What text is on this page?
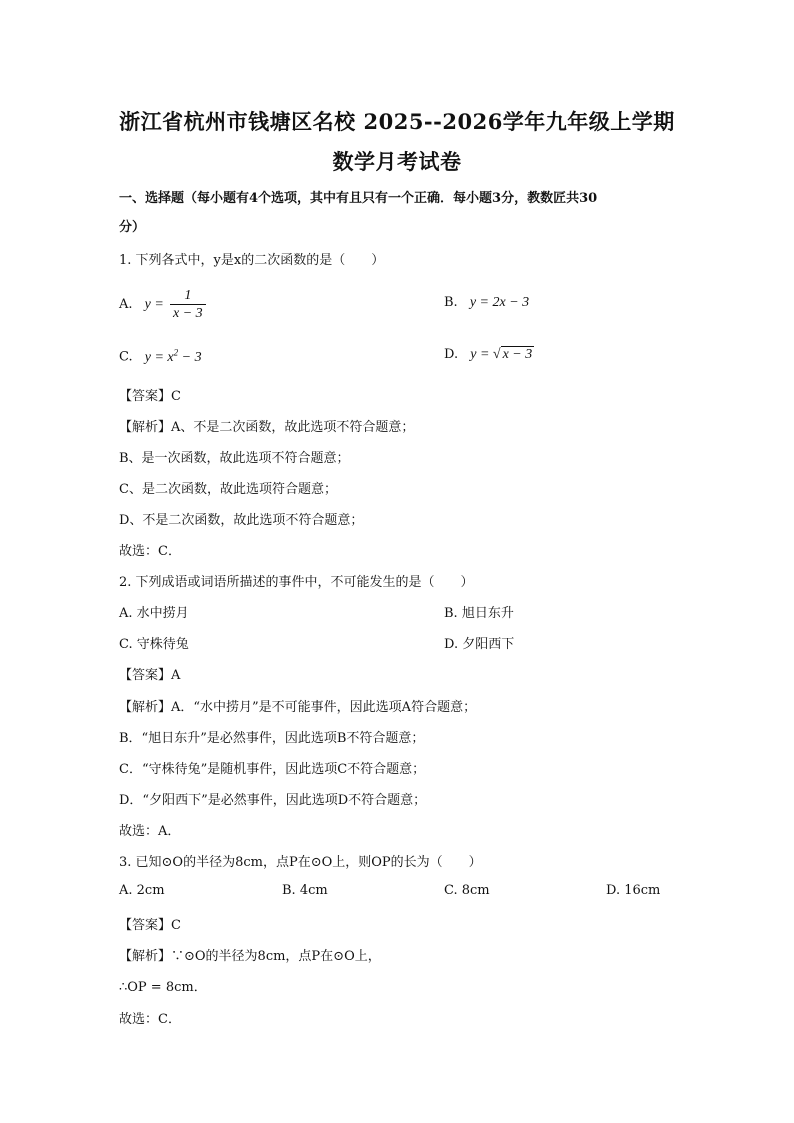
浙江省杭州市钱塘区名校 2025--2026学年九年级上学期
数学月考试卷
一、选择题（每小题有4个选项，其中有且只有一个正确．每小题3分，教数匠共30
分）
1. 下列各式中，y是x的二次函数的是（　　）
A. $y = \frac{1}{x - 3}$	B. y = 2x − 3
C. $y = x^2 - 3$	D. y = √ x − 3
【答案】C
【解析】A、不是二次函数，故此选项不符合题意；
B、是一次函数，故此选项不符合题意；
C、是二次函数，故此选项符合题意；
D、不是二次函数，故此选项不符合题意；
故选：C．
2. 下列成语或词语所描述的事件中，不可能发生的是（　　）
A. 水中捞月	B. 旭日东升
C. 守株待兔	D. 夕阳西下
【答案】A
【解析】A．“水中捞月”是不可能事件，因此选项A符合题意；
B．“旭日东升”是必然事件，因此选项B不符合题意；
C．“守株待兔”是随机事件，因此选项C不符合题意；
D．“夕阳西下”是必然事件，因此选项D不符合题意；
故选：A．
3. 已知⊙O的半径为8cm，点P在⊙O上，则OP的长为（　　）
A. 2cm	B. 4cm	C. 8cm	D. 16cm
【答案】C
【解析】∵⊙O的半径为8cm，点P在⊙O上，
∴OP = 8cm．
故选：C．
